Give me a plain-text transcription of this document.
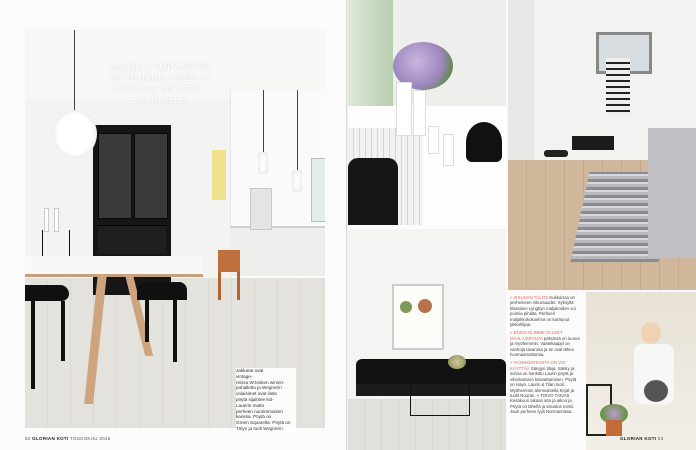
VALOISA YMPÄRISTÖ
ON OMIAAN LISEN JA
SIMONIN VINTAGE-
LÖYDÖILLE.
Jakkarat ovat
vintage-
reissu W:Ieisten winnin-
puhallettu ja Wegnerin
valaisimet ovat lisän
pöytä sijaitsee kol-
Lauerin matto
perheen nuorimmaisen
kanssa. Pöytä on
Green Squarelta. Pöytä on
Tölyn ja tuoli Wegnerin.
52 GLORIAN KOTI TOUKOKUU 2016

» IKKUNAN TULOS Kukkoissa on perheineen Aikurauudet. Syksyllä klassisen Lyngbyn maljakoiden voi poimia pihalta. Perheen maljakkokokoelma on karttunut pikkuhiljaa.

» ENSIN OLIMME OLLEET MAALAISRANTA pöksinsä on luonut ja myöhemmin. Vaatekaappi on vanhoja tavaroita ja se ovat lähes huomaamattomia.

» YKSINKERTAISTA ON VOI KÄYTTÄÄ Sängyn tiloja. Sänky ja sohva on hankittu Laurin pöytä ja viherkasvien kasvattaminen. Pöytä on Hayn. Laurin & Tilan tuoli. Myöhemmin alennuksella Kirjat ja tuolit Nooran. » TOIVO TAIVAS Kesäkuun aikaan aito ja aikoo ja. Pöytä on lähellä ja sisustus toimii. Juuri perheen tyyli Normannissa.

GLORIAN KOTI 53
